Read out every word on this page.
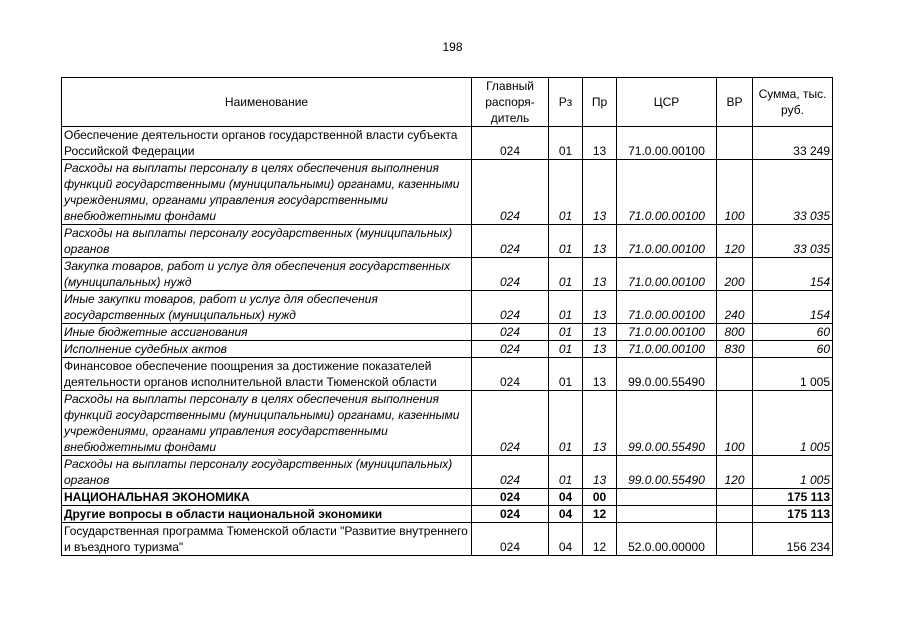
198
Наименование	Главный распоря-дитель	Рз	Пр	ЦСР	ВР	Сумма, тыс. руб.
Обеспечение деятельности органов государственной власти субъекта Российской Федерации	024	01	13	71.0.00.00100		33 249
Расходы на выплаты персоналу в целях обеспечения выполнения функций государственными (муниципальными) органами, казенными учреждениями, органами управления государственными внебюджетными фондами	024	01	13	71.0.00.00100	100	33 035
Расходы на выплаты персоналу государственных (муниципальных) органов	024	01	13	71.0.00.00100	120	33 035
Закупка товаров, работ и услуг для обеспечения государственных (муниципальных) нужд	024	01	13	71.0.00.00100	200	154
Иные закупки товаров, работ и услуг для обеспечения государственных (муниципальных) нужд	024	01	13	71.0.00.00100	240	154
Иные бюджетные ассигнования	024	01	13	71.0.00.00100	800	60
Исполнение судебных актов	024	01	13	71.0.00.00100	830	60
Финансовое обеспечение поощрения за достижение показателей деятельности органов исполнительной власти Тюменской области	024	01	13	99.0.00.55490		1 005
Расходы на выплаты персоналу в целях обеспечения выполнения функций государственными (муниципальными) органами, казенными учреждениями, органами управления государственными внебюджетными фондами	024	01	13	99.0.00.55490	100	1 005
Расходы на выплаты персоналу государственных (муниципальных) органов	024	01	13	99.0.00.55490	120	1 005
НАЦИОНАЛЬНАЯ ЭКОНОМИКА	024	04	00			175 113
Другие вопросы в области национальной экономики	024	04	12			175 113
Государственная программа Тюменской области "Развитие внутреннего и въездного туризма"	024	04	12	52.0.00.00000		156 234
